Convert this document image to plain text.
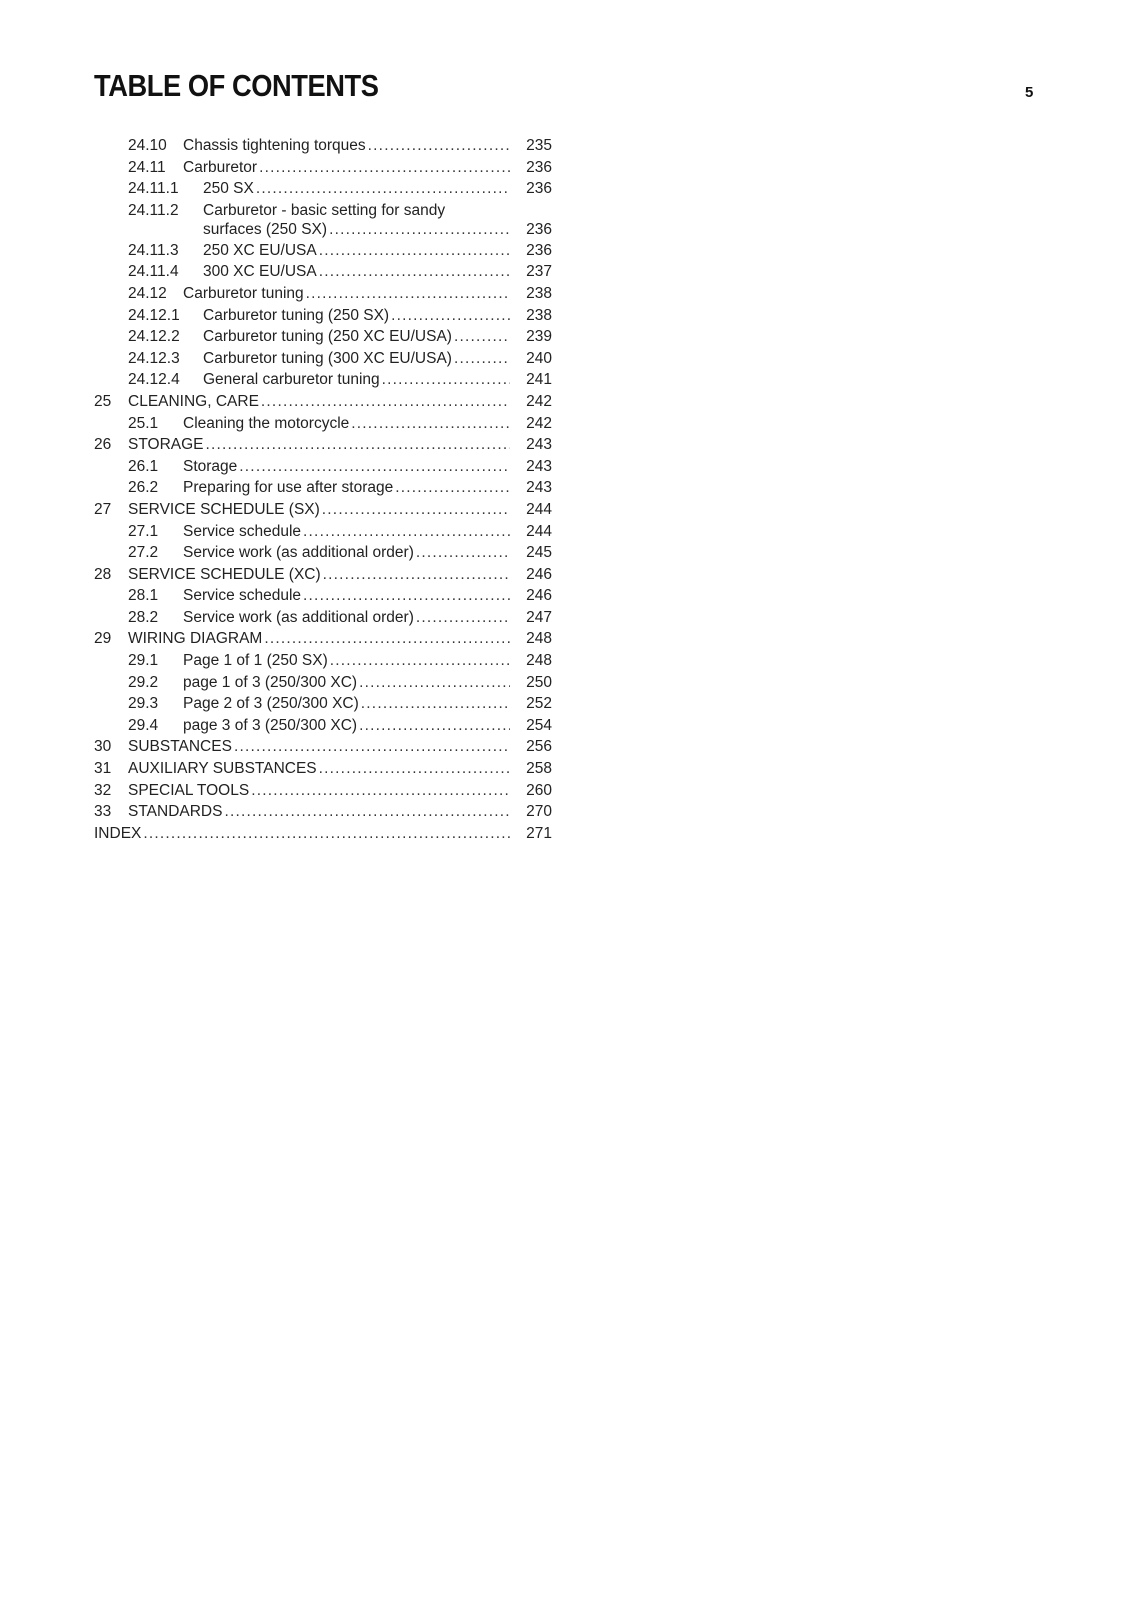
TABLE OF CONTENTS	5
24.10 Chassis tightening torques .....	235
24.11 Carburetor .....	236
24.11.1 250 SX .....	236
24.11.2 Carburetor - basic setting for sandy
surfaces (250 SX) .....	236
24.11.3 250 XC EU/USA .....	236
24.11.4 300 XC EU/USA .....	237
24.12 Carburetor tuning .....	238
24.12.1 Carburetor tuning (250 SX) .....	238
24.12.2 Carburetor tuning (250 XC EU/USA) .....	239
24.12.3 Carburetor tuning (300 XC EU/USA) .....	240
24.12.4 General carburetor tuning .....	241
25 CLEANING, CARE .....	242
25.1 Cleaning the motorcycle .....	242
26 STORAGE .....	243
26.1 Storage .....	243
26.2 Preparing for use after storage .....	243
27 SERVICE SCHEDULE (SX) .....	244
27.1 Service schedule .....	244
27.2 Service work (as additional order) .....	245
28 SERVICE SCHEDULE (XC) .....	246
28.1 Service schedule .....	246
28.2 Service work (as additional order) .....	247
29 WIRING DIAGRAM .....	248
29.1 Page 1 of 1 (250 SX) .....	248
29.2 page 1 of 3 (250/300 XC) .....	250
29.3 Page 2 of 3 (250/300 XC) .....	252
29.4 page 3 of 3 (250/300 XC) .....	254
30 SUBSTANCES .....	256
31 AUXILIARY SUBSTANCES .....	258
32 SPECIAL TOOLS .....	260
33 STANDARDS .....	270
INDEX .....	271
